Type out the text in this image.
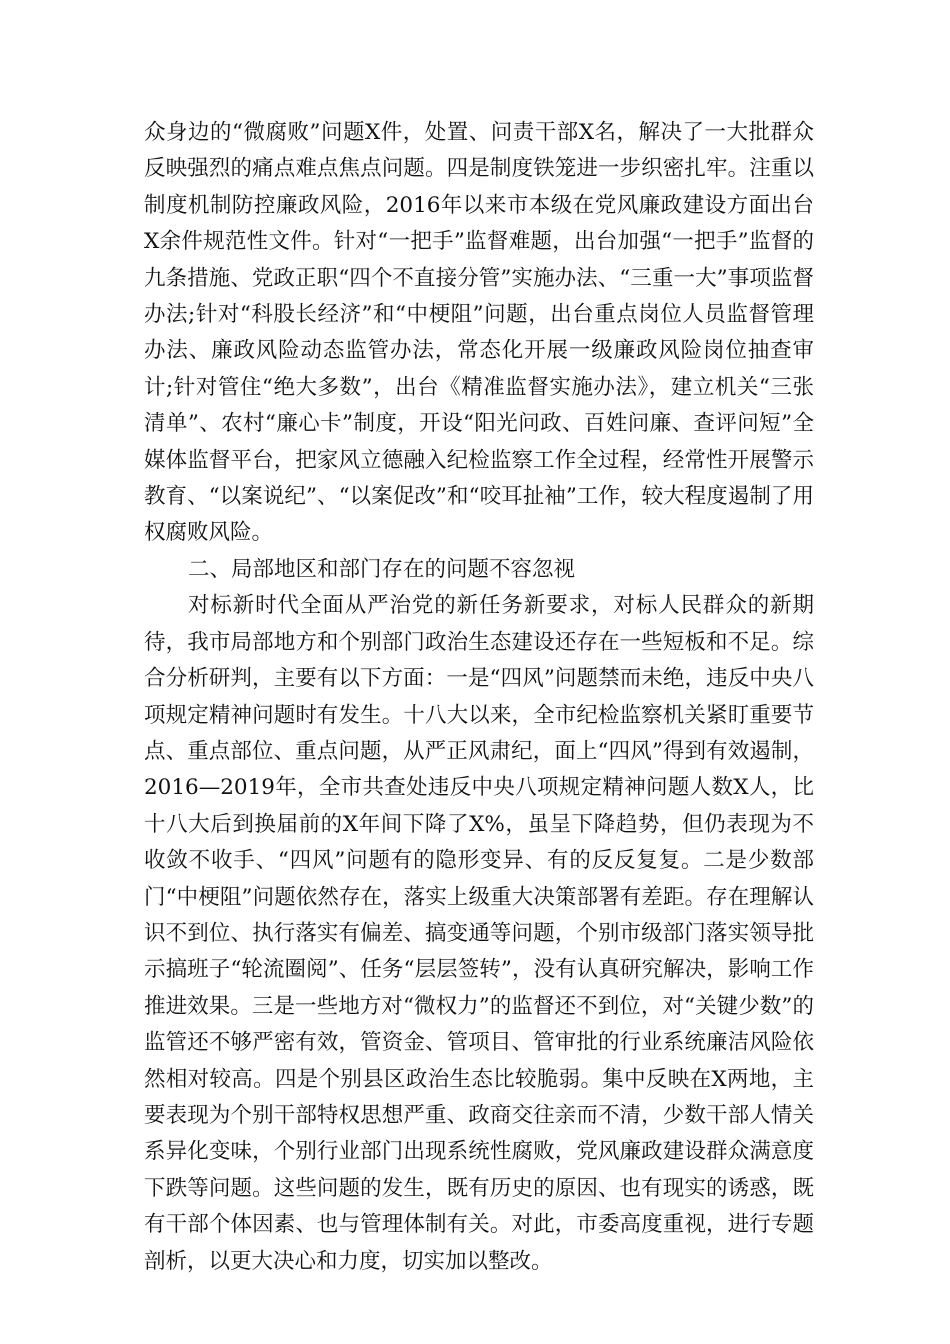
众身边的“微腐败”问题X件，处置、问责干部X名，解决了一大批群众反映强烈的痛点难点焦点问题。四是制度铁笼进一步织密扎牢。注重以制度机制防控廉政风险，2016年以来市本级在党风廉政建设方面出台X余件规范性文件。针对“一把手”监督难题，出台加强“一把手”监督的九条措施、党政正职“四个不直接分管”实施办法、“三重一大”事项监督办法;针对“科股长经济”和“中梗阻”问题，出台重点岗位人员监督管理办法、廉政风险动态监管办法，常态化开展一级廉政风险岗位抽查审计;针对管住“绝大多数”，出台《精准监督实施办法》，建立机关“三张清单”、农村“廉心卡”制度，开设“阳光问政、百姓问廉、查评问短”全媒体监督平台，把家风立德融入纪检监察工作全过程，经常性开展警示教育、“以案说纪”、“以案促改”和“咬耳扯袖”工作，较大程度遏制了用权腐败风险。

二、局部地区和部门存在的问题不容忽视

对标新时代全面从严治党的新任务新要求，对标人民群众的新期待，我市局部地方和个别部门政治生态建设还存在一些短板和不足。综合分析研判，主要有以下方面：一是“四风”问题禁而未绝，违反中央八项规定精神问题时有发生。十八大以来，全市纪检监察机关紧盯重要节点、重点部位、重点问题，从严正风肃纪，面上“四风”得到有效遏制，2016—2019年，全市共查处违反中央八项规定精神问题人数X人，比十八大后到换届前的X年间下降了X%，虽呈下降趋势，但仍表现为不收敛不收手、“四风”问题有的隐形变异、有的反反复复。二是少数部门“中梗阻”问题依然存在，落实上级重大决策部署有差距。存在理解认识不到位、执行落实有偏差、搞变通等问题，个别市级部门落实领导批示搞班子“轮流圈阅”、任务“层层签转”，没有认真研究解决，影响工作推进效果。三是一些地方对“微权力”的监督还不到位，对“关键少数”的监管还不够严密有效，管资金、管项目、管审批的行业系统廉洁风险依然相对较高。四是个别县区政治生态比较脆弱。集中反映在X两地，主要表现为个别干部特权思想严重、政商交往亲而不清，少数干部人情关系异化变味，个别行业部门出现系统性腐败，党风廉政建设群众满意度下跌等问题。这些问题的发生，既有历史的原因、也有现实的诱惑，既有干部个体因素、也与管理体制有关。对此，市委高度重视，进行专题剖析，以更大决心和力度，切实加以整改。
